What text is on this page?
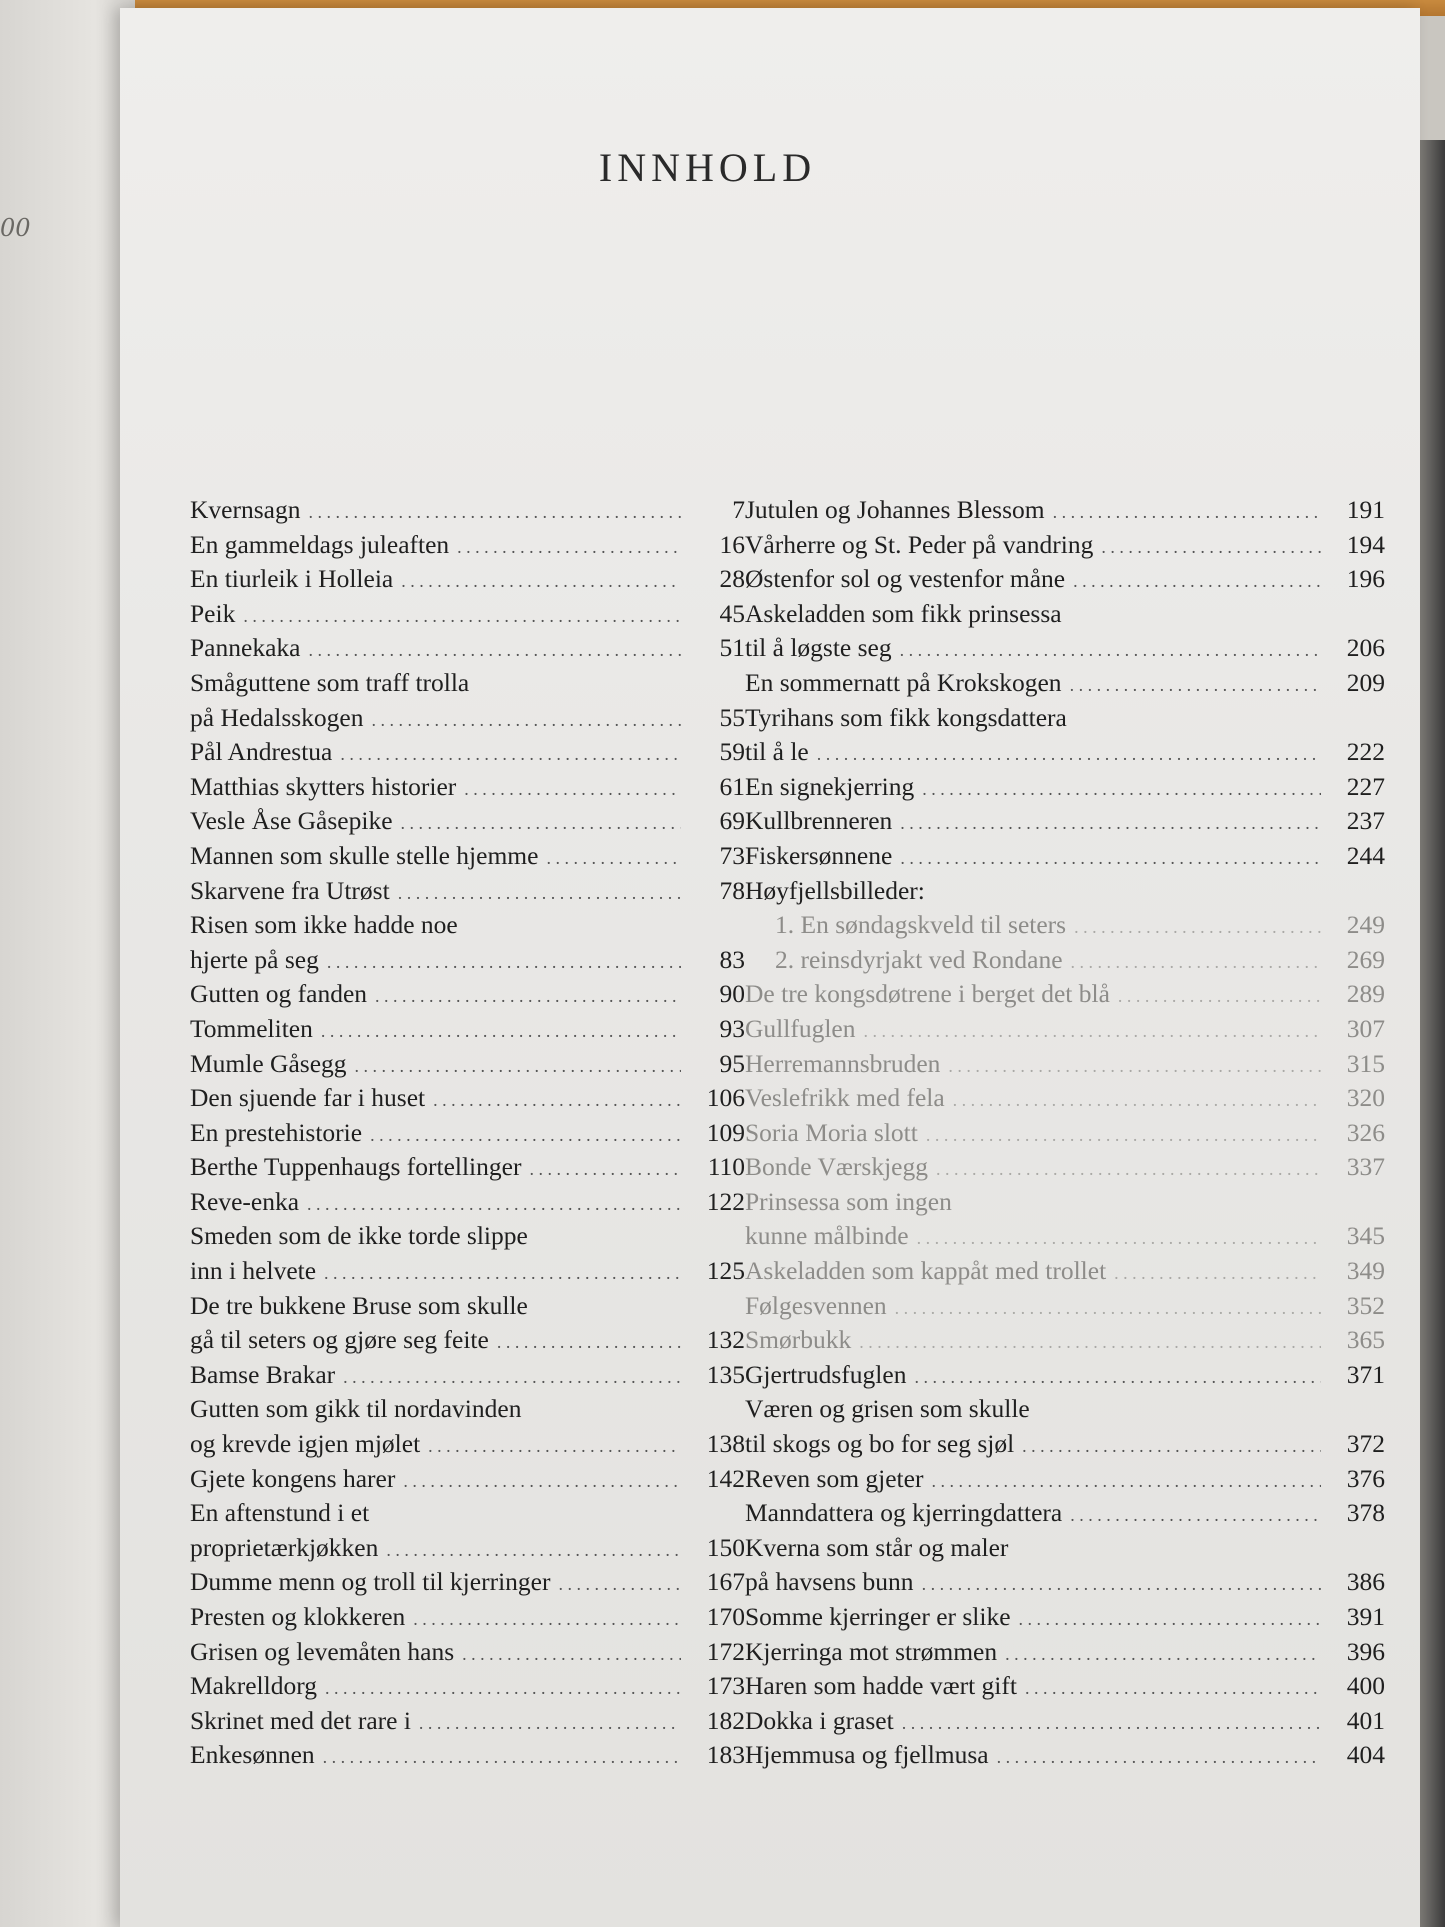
00
INNHOLD
Kvernsagn . . .	7
En gammeldags juleaften . . .	16
En tiurleik i Holleia . . .	28
Peik . . .	45
Pannekaka . . .	51
Småguttene som traff trolla
på Hedalsskogen . . .	55
Pål Andrestua . . .	59
Matthias skytters historier . . .	61
Vesle Åse Gåsepike . . .	69
Mannen som skulle stelle hjemme . . .	73
Skarvene fra Utrøst . . .	78
Risen som ikke hadde noe
hjerte på seg . . .	83
Gutten og fanden . . .	90
Tommeliten . . .	93
Mumle Gåsegg . . .	95
Den sjuende far i huset . . .	106
En prestehistorie . . .	109
Berthe Tuppenhaugs fortellinger . . .	110
Reve-enka . . .	122
Smeden som de ikke torde slippe
inn i helvete . . .	125
De tre bukkene Bruse som skulle
gå til seters og gjøre seg feite . . .	132
Bamse Brakar . . .	135
Gutten som gikk til nordavinden
og krevde igjen mjølet . . .	138
Gjete kongens harer . . .	142
En aftenstund i et
proprietærkjøkken . . .	150
Dumme menn og troll til kjerringer . . .	167
Presten og klokkeren . . .	170
Grisen og levemåten hans . . .	172
Makrelldorg . . .	173
Skrinet med det rare i . . .	182
Enkesønnen . . .	183
Jutulen og Johannes Blessom . . .	191
Vårherre og St. Peder på vandring . . .	194
Østenfor sol og vestenfor måne . . .	196
Askeladden som fikk prinsessa
til å løgste seg . . .	206
En sommernatt på Krokskogen . . .	209
Tyrihans som fikk kongsdattera
til å le . . .	222
En signekjerring . . .	227
Kullbrenneren . . .	237
Fiskersønnene . . .	244
Høyfjellsbilleder:
1. En søndagskveld til seters . . .	249
2. reinsdyrjakt ved Rondane . . .	269
De tre kongsdøtrene i berget det blå . . .	289
Gullfuglen . . .	307
Herremannsbruden . . .	315
Veslefrikk med fela . . .	320
Soria Moria slott . . .	326
Bonde Værskjegg . . .	337
Prinsessa som ingen
kunne målbinde . . .	345
Askeladden som kappåt med trollet . . .	349
Følgesvennen . . .	352
Smørbukk . . .	365
Gjertrudsfuglen . . .	371
Væren og grisen som skulle
til skogs og bo for seg sjøl . . .	372
Reven som gjeter . . .	376
Manndattera og kjerringdattera . . .	378
Kverna som står og maler
på havsens bunn . . .	386
Somme kjerringer er slike . . .	391
Kjerringa mot strømmen . . .	396
Haren som hadde vært gift . . .	400
Dokka i graset . . .	401
Hjemmusa og fjellmusa . . .	404
